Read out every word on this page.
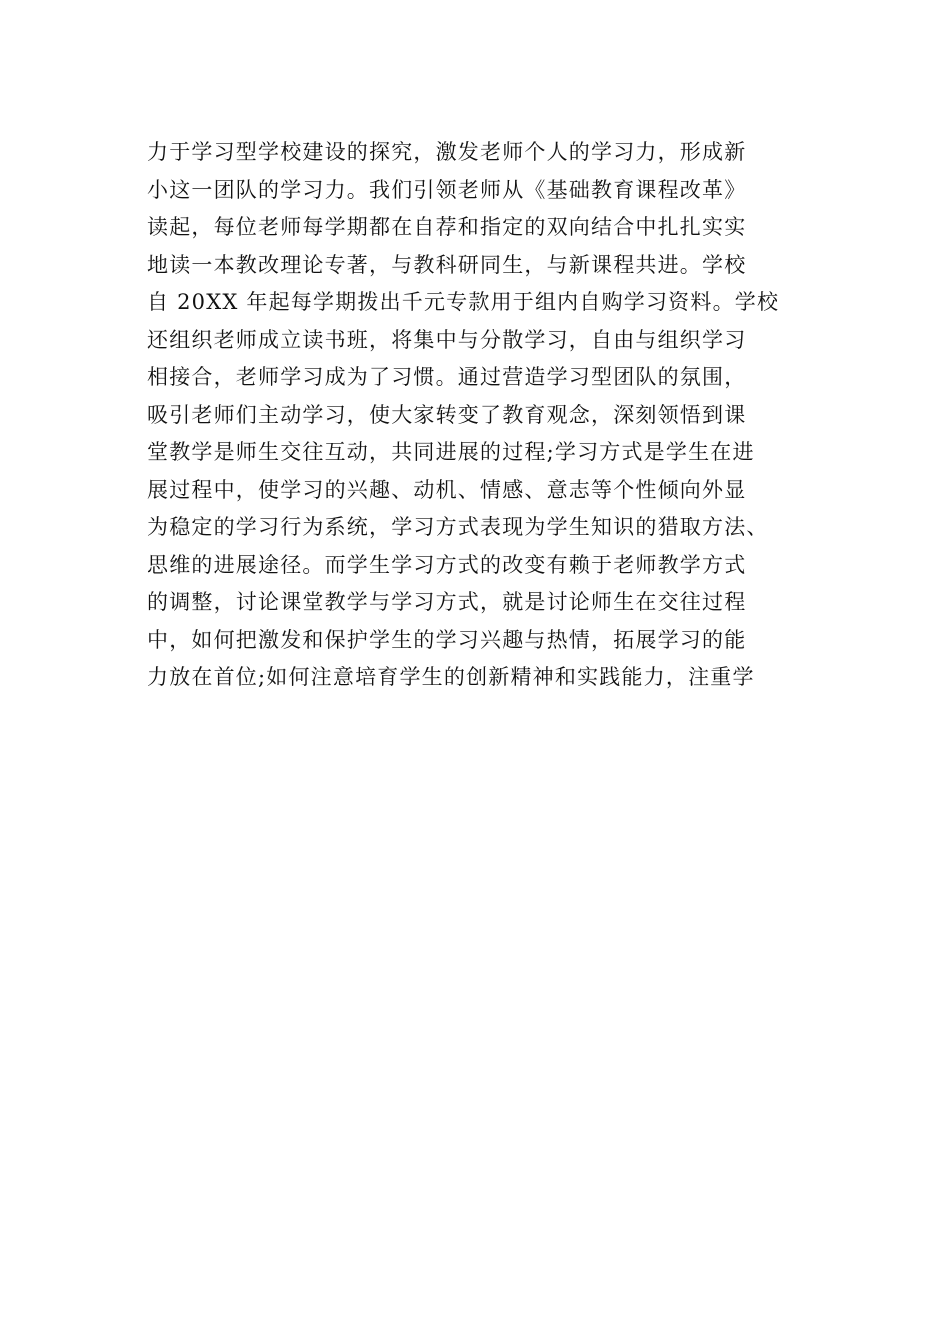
力于学习型学校建设的探究，激发老师个人的学习力，形成新
小这一团队的学习力。我们引领老师从《基础教育课程改革》
读起，每位老师每学期都在自荐和指定的双向结合中扎扎实实
地读一本教改理论专著，与教科研同生，与新课程共进。学校
自 20XX 年起每学期拨出千元专款用于组内自购学习资料。学校
还组织老师成立读书班，将集中与分散学习，自由与组织学习
相接合，老师学习成为了习惯。通过营造学习型团队的氛围，
吸引老师们主动学习，使大家转变了教育观念，深刻领悟到课
堂教学是师生交往互动，共同进展的过程;学习方式是学生在进
展过程中，使学习的兴趣、动机、情感、意志等个性倾向外显
为稳定的学习行为系统，学习方式表现为学生知识的猎取方法、
思维的进展途径。而学生学习方式的改变有赖于老师教学方式
的调整，讨论课堂教学与学习方式，就是讨论师生在交往过程
中，如何把激发和保护学生的学习兴趣与热情，拓展学习的能
力放在首位;如何注意培育学生的创新精神和实践能力，注重学
